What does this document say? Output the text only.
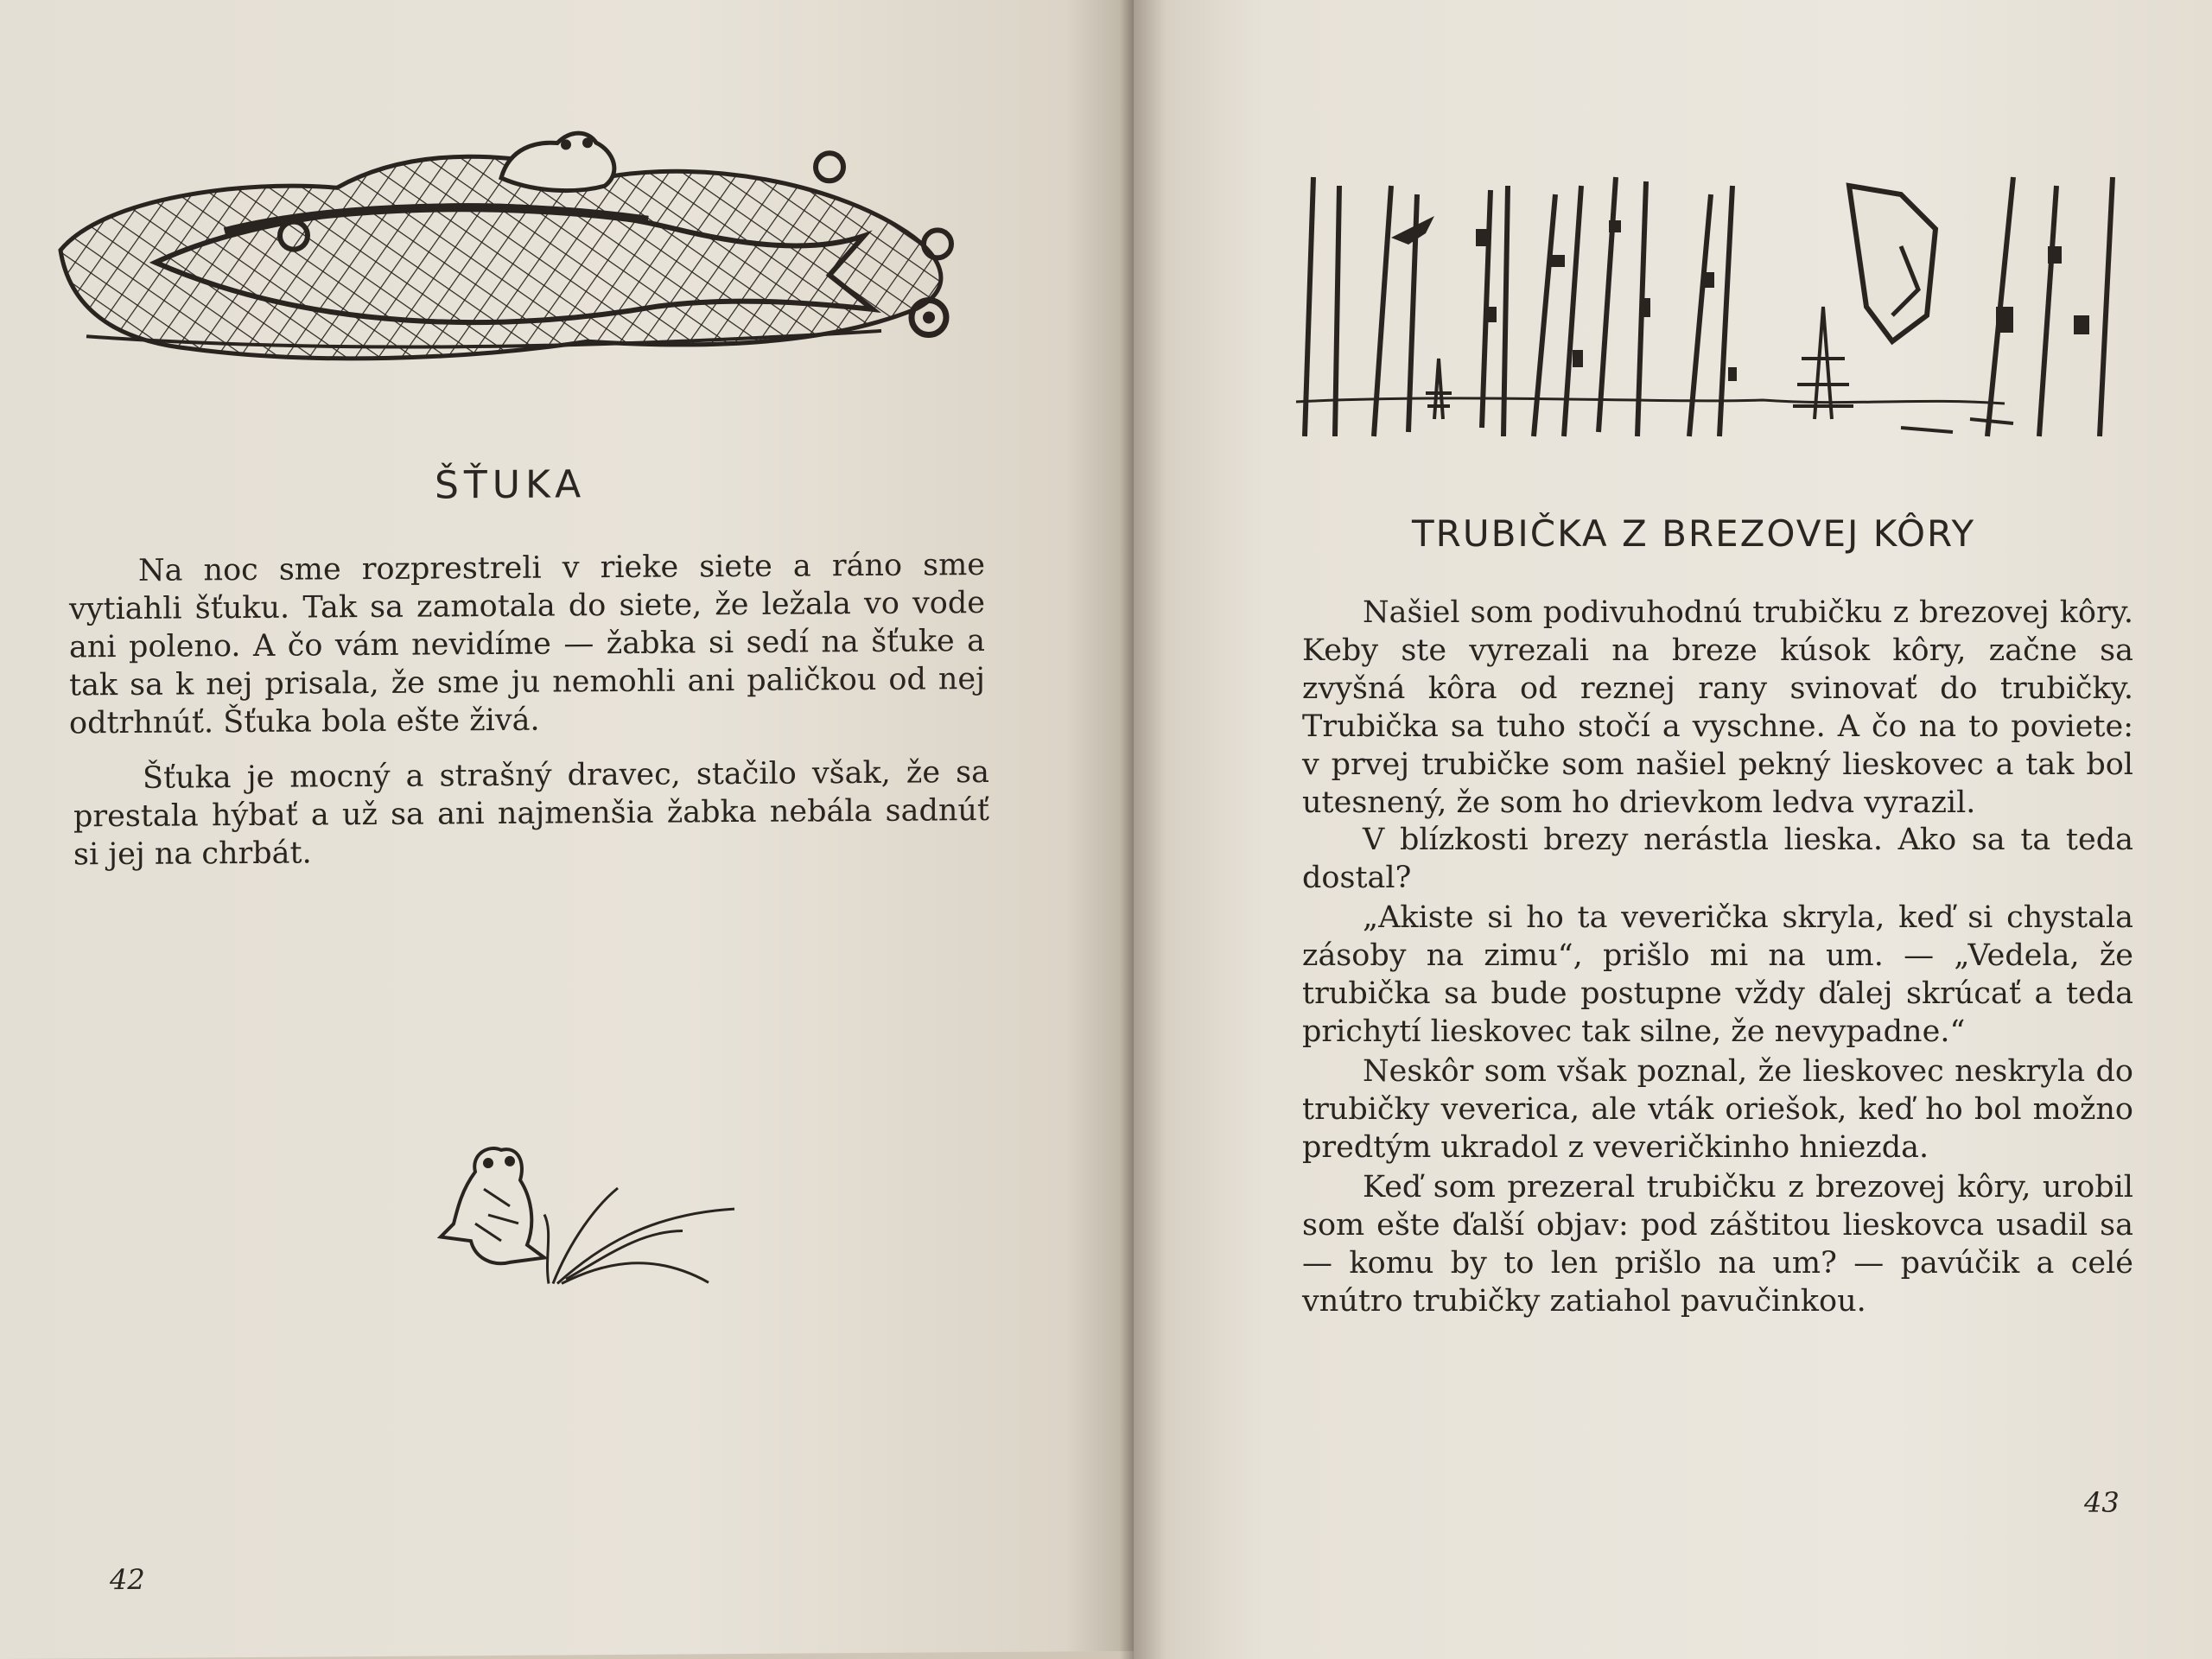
ŠŤUKA

Na noc sme rozprestreli v rieke siete a ráno sme vytiahli šťuku. Tak sa zamotala do siete, že ležala vo vode ani poleno. A čo vám nevidíme — žabka si sedí na šťuke a tak sa k nej prisala, že sme ju nemohli ani paličkou od nej odtrhnúť. Šťuka bola ešte živá.

Šťuka je mocný a strašný dravec, stačilo však, že sa prestala hýbať a už sa ani najmenšia žabka nebála sadnúť si jej na chrbát.

42
TRUBIČKA Z BREZOVEJ KÔRY

Našiel som podivuhodnú trubičku z brezovej kôry. Keby ste vyrezali na breze kúsok kôry, začne sa zvyšná kôra od reznej rany svinovať do trubičky. Trubička sa tuho stočí a vyschne. A čo na to poviete: v prvej trubičke som našiel pekný lieskovec a tak bol utesnený, že som ho drievkom ledva vyrazil.

V blízkosti brezy nerástla lieska. Ako sa ta teda dostal?

„Akiste si ho ta veverička skryla, keď si chystala zásoby na zimu“, prišlo mi na um. — „Vedela, že trubička sa bude postupne vždy ďalej skrúcať a teda prichytí lieskovec tak silne, že nevypadne.“

Neskôr som však poznal, že lieskovec neskryla do trubičky veverica, ale vták oriešok, keď ho bol možno predtým ukradol z veveričkinho hniezda.

Keď som prezeral trubičku z brezovej kôry, urobil som ešte ďalší objav: pod záštitou lieskovca usadil sa — komu by to len prišlo na um? — pavúčik a celé vnútro trubičky zatiahol pavučinkou.

43
